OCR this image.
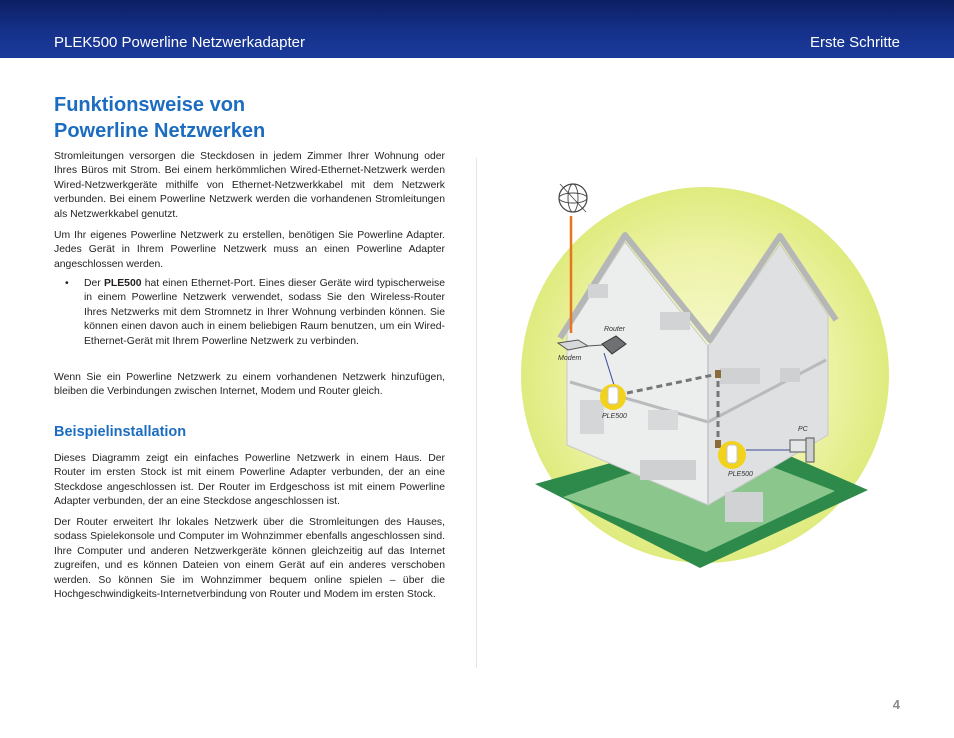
PLEK500 Powerline Netzwerkadapter	Erste Schritte
Funktionsweise von
Powerline Netzwerken

Stromleitungen versorgen die Steckdosen in jedem Zimmer Ihrer Wohnung oder Ihres Büros mit Strom. Bei einem herkömmlichen Wired-Ethernet-Netzwerk werden Wired-Netzwerkgeräte mithilfe von Ethernet-Netzwerkkabel mit dem Netzwerk verbunden. Bei einem Powerline Netzwerk werden die vorhandenen Stromleitungen als Netzwerkkabel genutzt.

Um Ihr eigenes Powerline Netzwerk zu erstellen, benötigen Sie Powerline Adapter. Jedes Gerät in Ihrem Powerline Netzwerk muss an einen Powerline Adapter angeschlossen werden.

• Der PLE500 hat einen Ethernet-Port. Eines dieser Geräte wird typischerweise in einem Powerline Netzwerk verwendet, sodass Sie den Wireless-Router Ihres Netzwerks mit dem Stromnetz in Ihrer Wohnung verbinden können. Sie können einen davon auch in einem beliebigen Raum benutzen, um ein Wired-Ethernet-Gerät mit Ihrem Powerline Netzwerk zu verbinden.

Wenn Sie ein Powerline Netzwerk zu einem vorhandenen Netzwerk hinzufügen, bleiben die Verbindungen zwischen Internet, Modem und Router gleich.

Beispielinstallation

Dieses Diagramm zeigt ein einfaches Powerline Netzwerk in einem Haus. Der Router im ersten Stock ist mit einem Powerline Adapter verbunden, der an eine Steckdose angeschlossen ist. Der Router im Erdgeschoss ist mit einem Powerline Adapter verbunden, der an eine Steckdose angeschlossen ist.

Der Router erweitert Ihr lokales Netzwerk über die Stromleitungen des Hauses, sodass Spielekonsole und Computer im Wohnzimmer ebenfalls angeschlossen sind. Ihre Computer und anderen Netzwerkgeräte können gleichzeitig auf das Internet zugreifen, und es können Dateien von einem Gerät auf ein anderes verschoben werden. So können Sie im Wohnzimmer bequem online spielen – über die Hochgeschwindigkeits-Internetverbindung von Router und Modem im ersten Stock.

Modem
Router
PLE500
PLE500
PC
4
